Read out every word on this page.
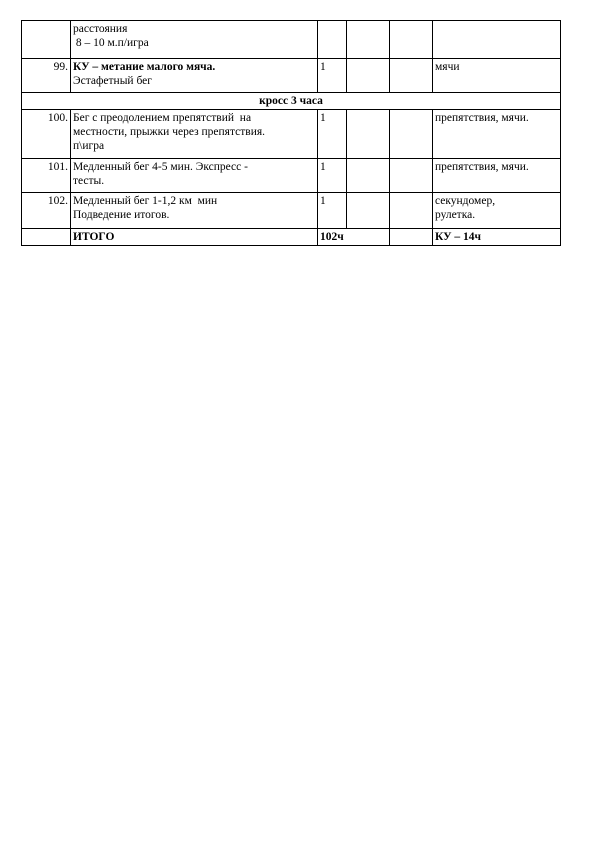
	расстояния
8 – 10 м.п/игра				

99.	КУ – метание малого мяча.
Эстафетный бег	1			мячи
кросс 3 часа					
100.	Бег с преодолением препятствий  на
местности, прыжки через препятствия.
п\игра	1			препятствия, мячи.
101.	Медленный бег 4-5 мин. Экспресс -
тесты.	1			препятствия, мячи.
102.	Медленный бег 1-1,2 км  мин
Подведение итогов.	1			секундомер,
рулетка.
	ИТОГО	102ч			КУ – 14ч
